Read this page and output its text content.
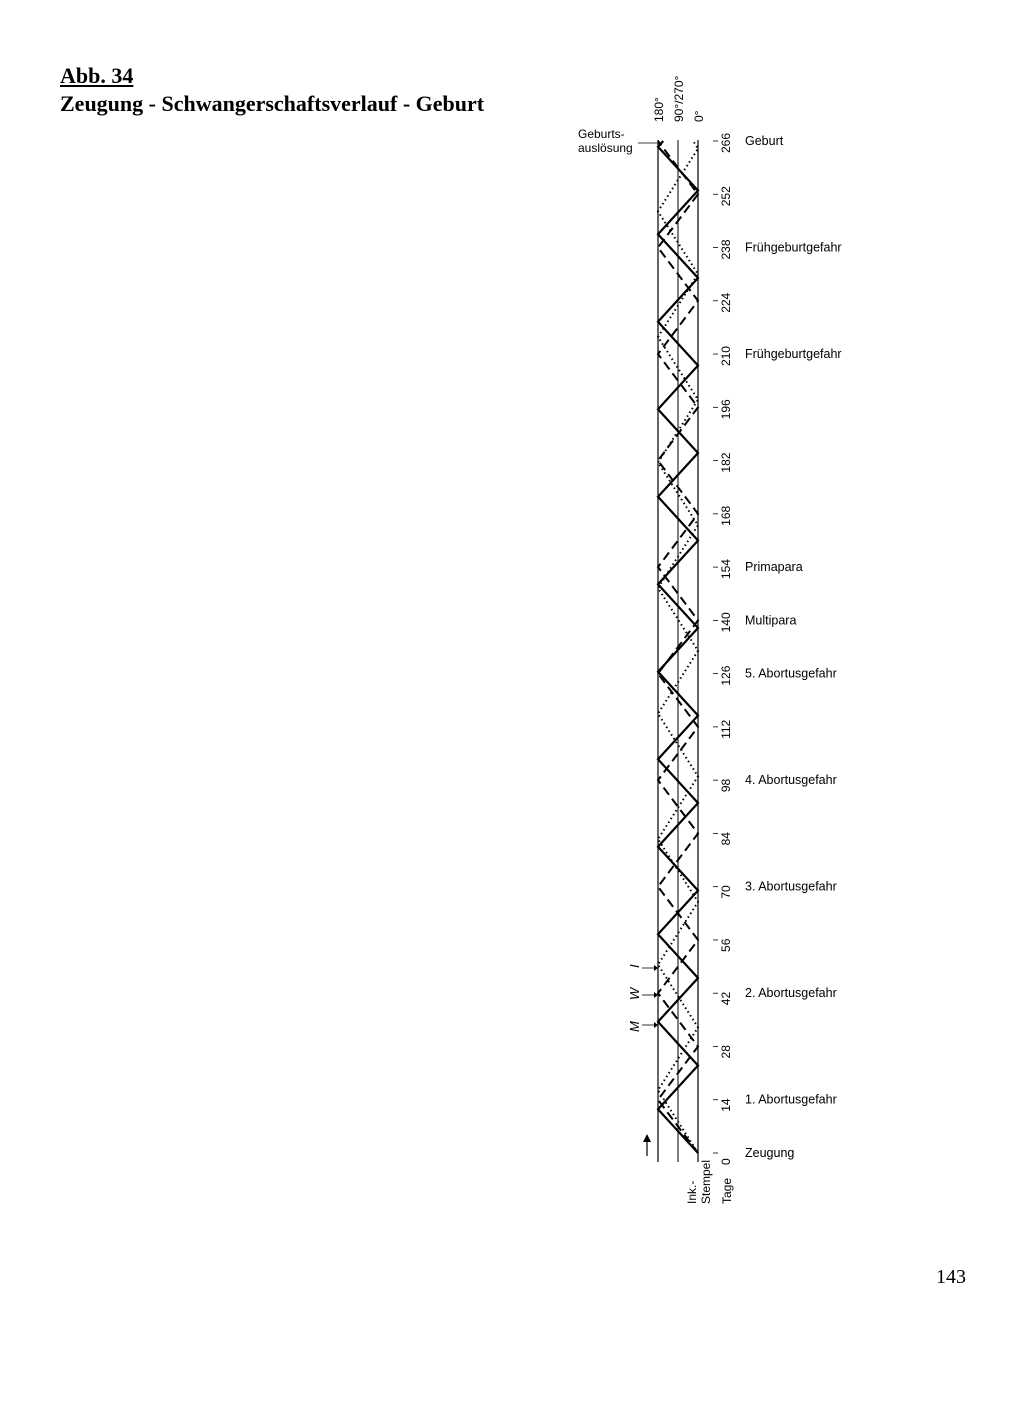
Abb. 34
Zeugung - Schwangerschaftsverlauf - Geburt	180° 90°/270° 0°
Geburts-
auslösung
Ink.- Stempel Tage
M
W
I
0
14
28
42
56
70
84
98
112
126
140
154
168
182
196
210
224
238
252
266
Zeugung
1. Abortusgefahr
2. Abortusgefahr
3. Abortusgefahr
4. Abortusgefahr
5. Abortusgefahr
Multipara
Primapara
Frühgeburtgefahr
Frühgeburtgefahr
Geburt
143
